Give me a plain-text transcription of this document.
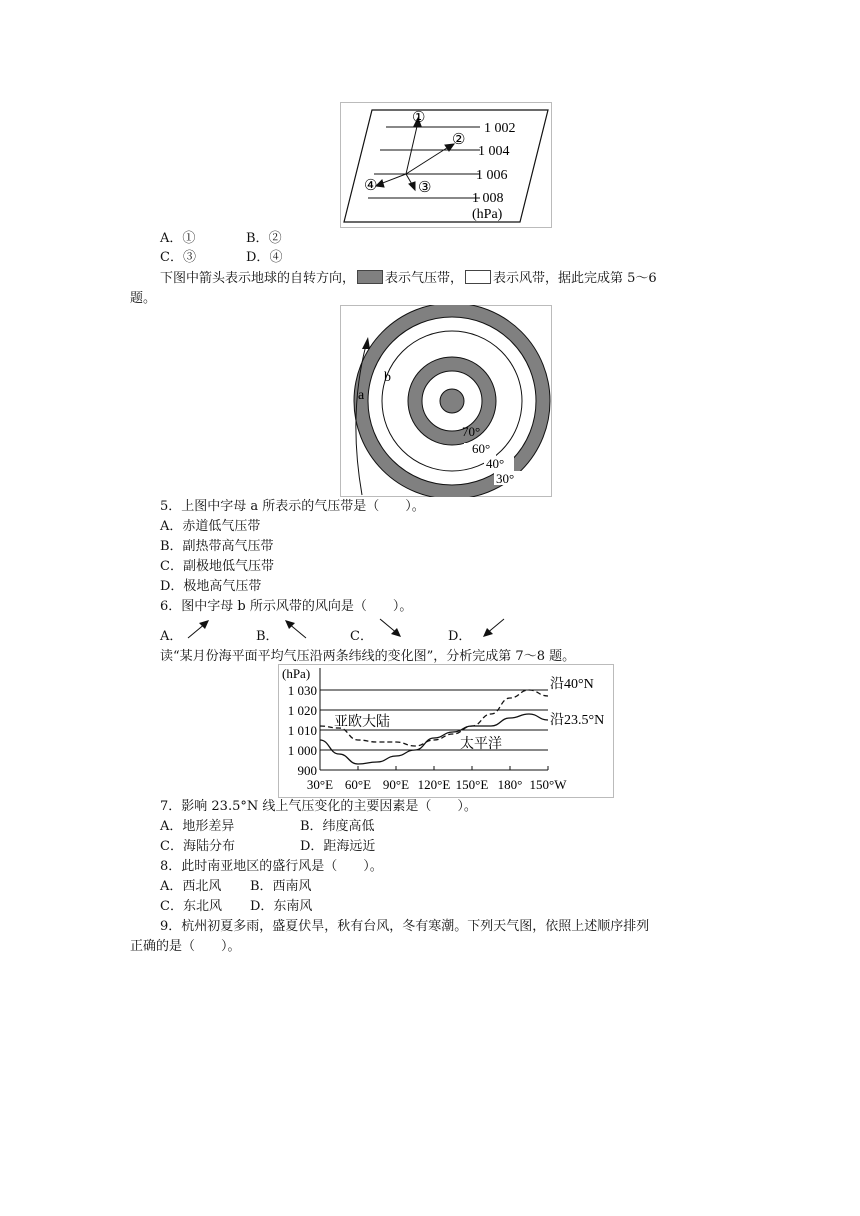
1 002
1 004
1 006
1 008
(hPa)
①
②
③
④
A．①	B．②
C．③	D．④
下图中箭头表示地球的自转方向， 表示气压带， 表示风带，据此完成第 5～6
题。
a
b
70°
60°
40°
30°
5．上图中字母 a 所表示的气压带是（　　）。
A．赤道低气压带
B．副热带高气压带
C．副极地低气压带
D．极地高气压带
6．图中字母 b 所示风带的风向是（　　）。
A．	B．	C．	D．
读“某月份海平面平均气压沿两条纬线的变化图”，分析完成第 7～8 题。
1 030
1 020
1 010
1 000
900
(hPa)
30°E 60°E 90°E 120°E 150°E 180° 150°W
沿40°N
沿23.5°N
亚欧大陆
太平洋
7．影响 23.5°N 线上气压变化的主要因素是（　　）。
A．地形差异	B．纬度高低
C．海陆分布	D．距海远近
8．此时南亚地区的盛行风是（　　）。
A．西北风 B．西南风
C．东北风 D．东南风
9．杭州初夏多雨，盛夏伏旱，秋有台风，冬有寒潮。下列天气图，依照上述顺序排列
正确的是（　　）。
